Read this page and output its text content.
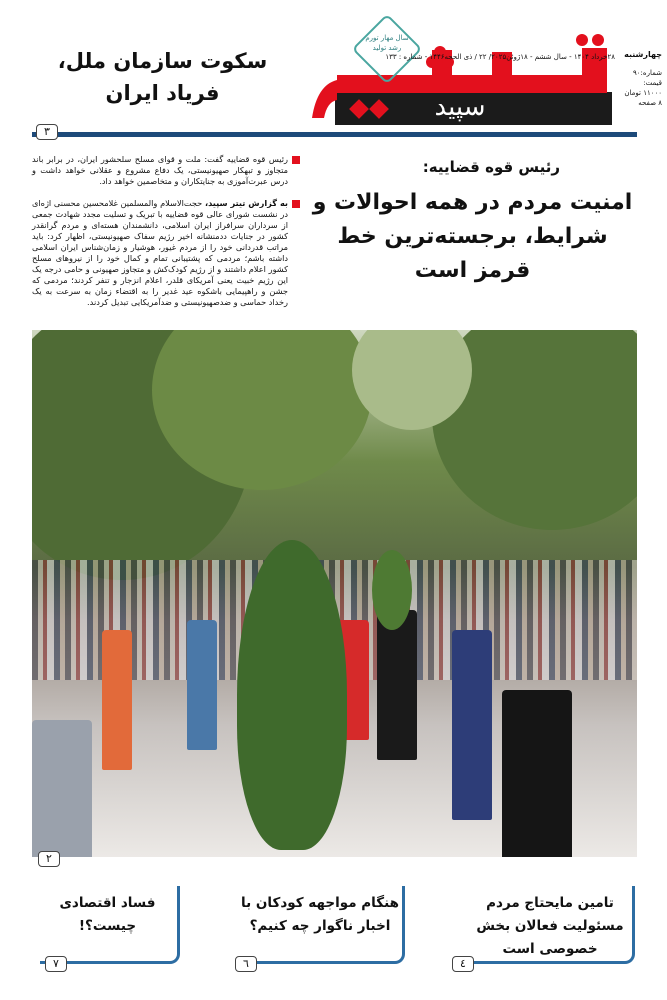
سپید
سال مهار تورم رشد تولید
۲۸خرداد ۱۴۰۴ - سال ششم - ۱۸ژوئن۲۰۲۵/ ۲۲ / ذی الحجه۱۴۴۶ - شماره : ۱۳۳	چهارشنبه
شماره:۹۰
قیمت:
۱۱۰۰۰ تومان
۸ صفحه
سکوت سازمان ملل، فریاد ایران
۳
رئیس قوه قضاییه:
امنیت مردم در همه احوالات و شرایط، برجسته‌ترین خط قرمز است
رئیس قوه قضاییه گفت: ملت و قوای مسلح سلحشور ایران، در برابر باند متجاوز و تبهکار صهیونیستی، یک دفاع مشروع و عقلانی خواهد داشت و درس عبرت‌آموزی به جنایتکاران و متخاصمین خواهد داد.
به گزارش تیتر سپید، حجت‌الاسلام والمسلمین غلامحسین محسنی اژه‌ای در نشست شورای عالی قوه قضاییه با تبریک و تسلیت مجدد شهادت جمعی از سرداران سرافراز ایران اسلامی، دانشمندان هسته‌ای و مردم گرانقدر کشور در جنایات ددمنشانه اخیر رژیم سفاک صهیونیستی، اظهار کرد: باید مراتب قدردانی خود را از مردم غیور، هوشیار و زمان‌شناس ایران اسلامی داشته باشم؛ مردمی که پشتیبانی تمام و کمال خود را از نیروهای مسلح کشور اعلام داشتند و از رژیم کودک‌کش و متجاوز صهیونی و حامی درجه یک این رژیم خبیث یعنی آمریکای قلدر، اعلام انزجار و تنفر کردند؛ مردمی که جشن و راهپیمایی باشکوه عید غدیر را به اقتضاء زمان به سرعت به یک رخداد حماسی و ضدصهیونیستی و ضدآمریکایی تبدیل کردند.
۲
تامین مایحتاج مردم مسئولیت فعالان بخش خصوصی است
٤
هنگام مواجهه کودکان با اخبار ناگوار چه کنیم؟
٦
فساد اقتصادی چیست؟!
۷
